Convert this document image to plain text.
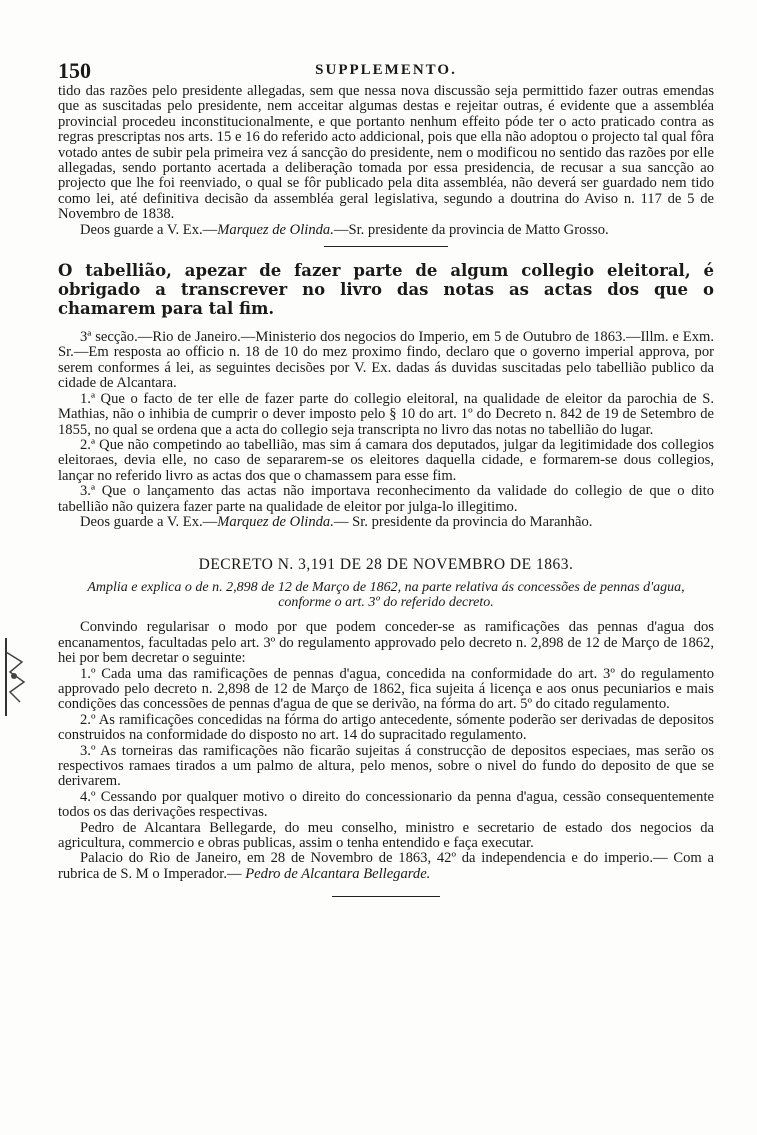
150	SUPPLEMENTO.

tido das razões pelo presidente allegadas, sem que nessa nova discussão seja permittido fazer outras emendas que as suscitadas pelo presidente, nem acceitar algumas destas e rejeitar outras, é evidente que a assembléa provincial procedeu inconstitucionalmente, e que portanto nenhum effeito póde ter o acto praticado contra as regras prescriptas nos arts. 15 e 16 do referido acto addicional, pois que ella não adoptou o projecto tal qual fôra votado antes de subir pela primeira vez á sancção do presidente, nem o modificou no sentido das razões por elle allegadas, sendo portanto acertada a deliberação tomada por essa presidencia, de recusar a sua sancção ao projecto que lhe foi reenviado, o qual se fôr publicado pela dita assembléa, não deverá ser guardado nem tido como lei, até definitiva decisão da assembléa geral legislativa, segundo a doutrina do Aviso n. 117 de 5 de Novembro de 1838.

Deos guarde a V. Ex.—Marquez de Olinda.—Sr. presidente da provincia de Matto Grosso.

O tabellião, apezar de fazer parte de algum collegio eleitoral, é obrigado a transcrever no livro das notas as actas dos que o chamarem para tal fim.

3ª secção.—Rio de Janeiro.—Ministerio dos negocios do Imperio, em 5 de Outubro de 1863.—Illm. e Exm. Sr.—Em resposta ao officio n. 18 de 10 do mez proximo findo, declaro que o governo imperial approva, por serem conformes á lei, as seguintes decisões por V. Ex. dadas ás duvidas suscitadas pelo tabellião publico da cidade de Alcantara.

1.ª Que o facto de ter elle de fazer parte do collegio eleitoral, na qualidade de eleitor da parochia de S. Mathias, não o inhibia de cumprir o dever imposto pelo § 10 do art. 1º do Decreto n. 842 de 19 de Setembro de 1855, no qual se ordena que a acta do collegio seja transcripta no livro das notas no tabellião do lugar.

2.ª Que não competindo ao tabellião, mas sim á camara dos deputados, julgar da legitimidade dos collegios eleitoraes, devia elle, no caso de separarem-se os eleitores daquella cidade, e formarem-se dous collegios, lançar no referido livro as actas dos que o chamassem para esse fim.

3.ª Que o lançamento das actas não importava reconhecimento da validade do collegio de que o dito tabellião não quizera fazer parte na qualidade de eleitor por julga-lo illegitimo.

Deos guarde a V. Ex.—Marquez de Olinda.— Sr. presidente da provincia do Maranhão.

DECRETO N. 3,191 DE 28 DE NOVEMBRO DE 1863.
Amplia e explica o de n. 2,898 de 12 de Março de 1862, na parte relativa ás concessões de pennas d'agua, conforme o art. 3º do referido decreto.

Convindo regularisar o modo por que podem conceder-se as ramificações das pennas d'agua dos encanamentos, facultadas pelo art. 3º do regulamento approvado pelo decreto n. 2,898 de 12 de Março de 1862, hei por bem decretar o seguinte:

1.º Cada uma das ramificações de pennas d'agua, concedida na conformidade do art. 3º do regulamento approvado pelo decreto n. 2,898 de 12 de Março de 1862, fica sujeita á licença e aos onus pecuniarios e mais condições das concessões de pennas d'agua de que se derivão, na fórma do art. 5º do citado regulamento.

2.º As ramificações concedidas na fórma do artigo antecedente, sómente poderão ser derivadas de depositos construidos na conformidade do disposto no art. 14 do supracitado regulamento.

3.º As torneiras das ramificações não ficarão sujeitas á construcção de depositos especiaes, mas serão os respectivos ramaes tirados a um palmo de altura, pelo menos, sobre o nivel do fundo do deposito de que se derivarem.

4.º Cessando por qualquer motivo o direito do concessionario da penna d'agua, cessão consequentemente todos os das derivações respectivas.

Pedro de Alcantara Bellegarde, do meu conselho, ministro e secretario de estado dos negocios da agricultura, commercio e obras publicas, assim o tenha entendido e faça executar.

Palacio do Rio de Janeiro, em 28 de Novembro de 1863, 42º da independencia e do imperio.— Com a rubrica de S. M o Imperador.— Pedro de Alcantara Bellegarde.
